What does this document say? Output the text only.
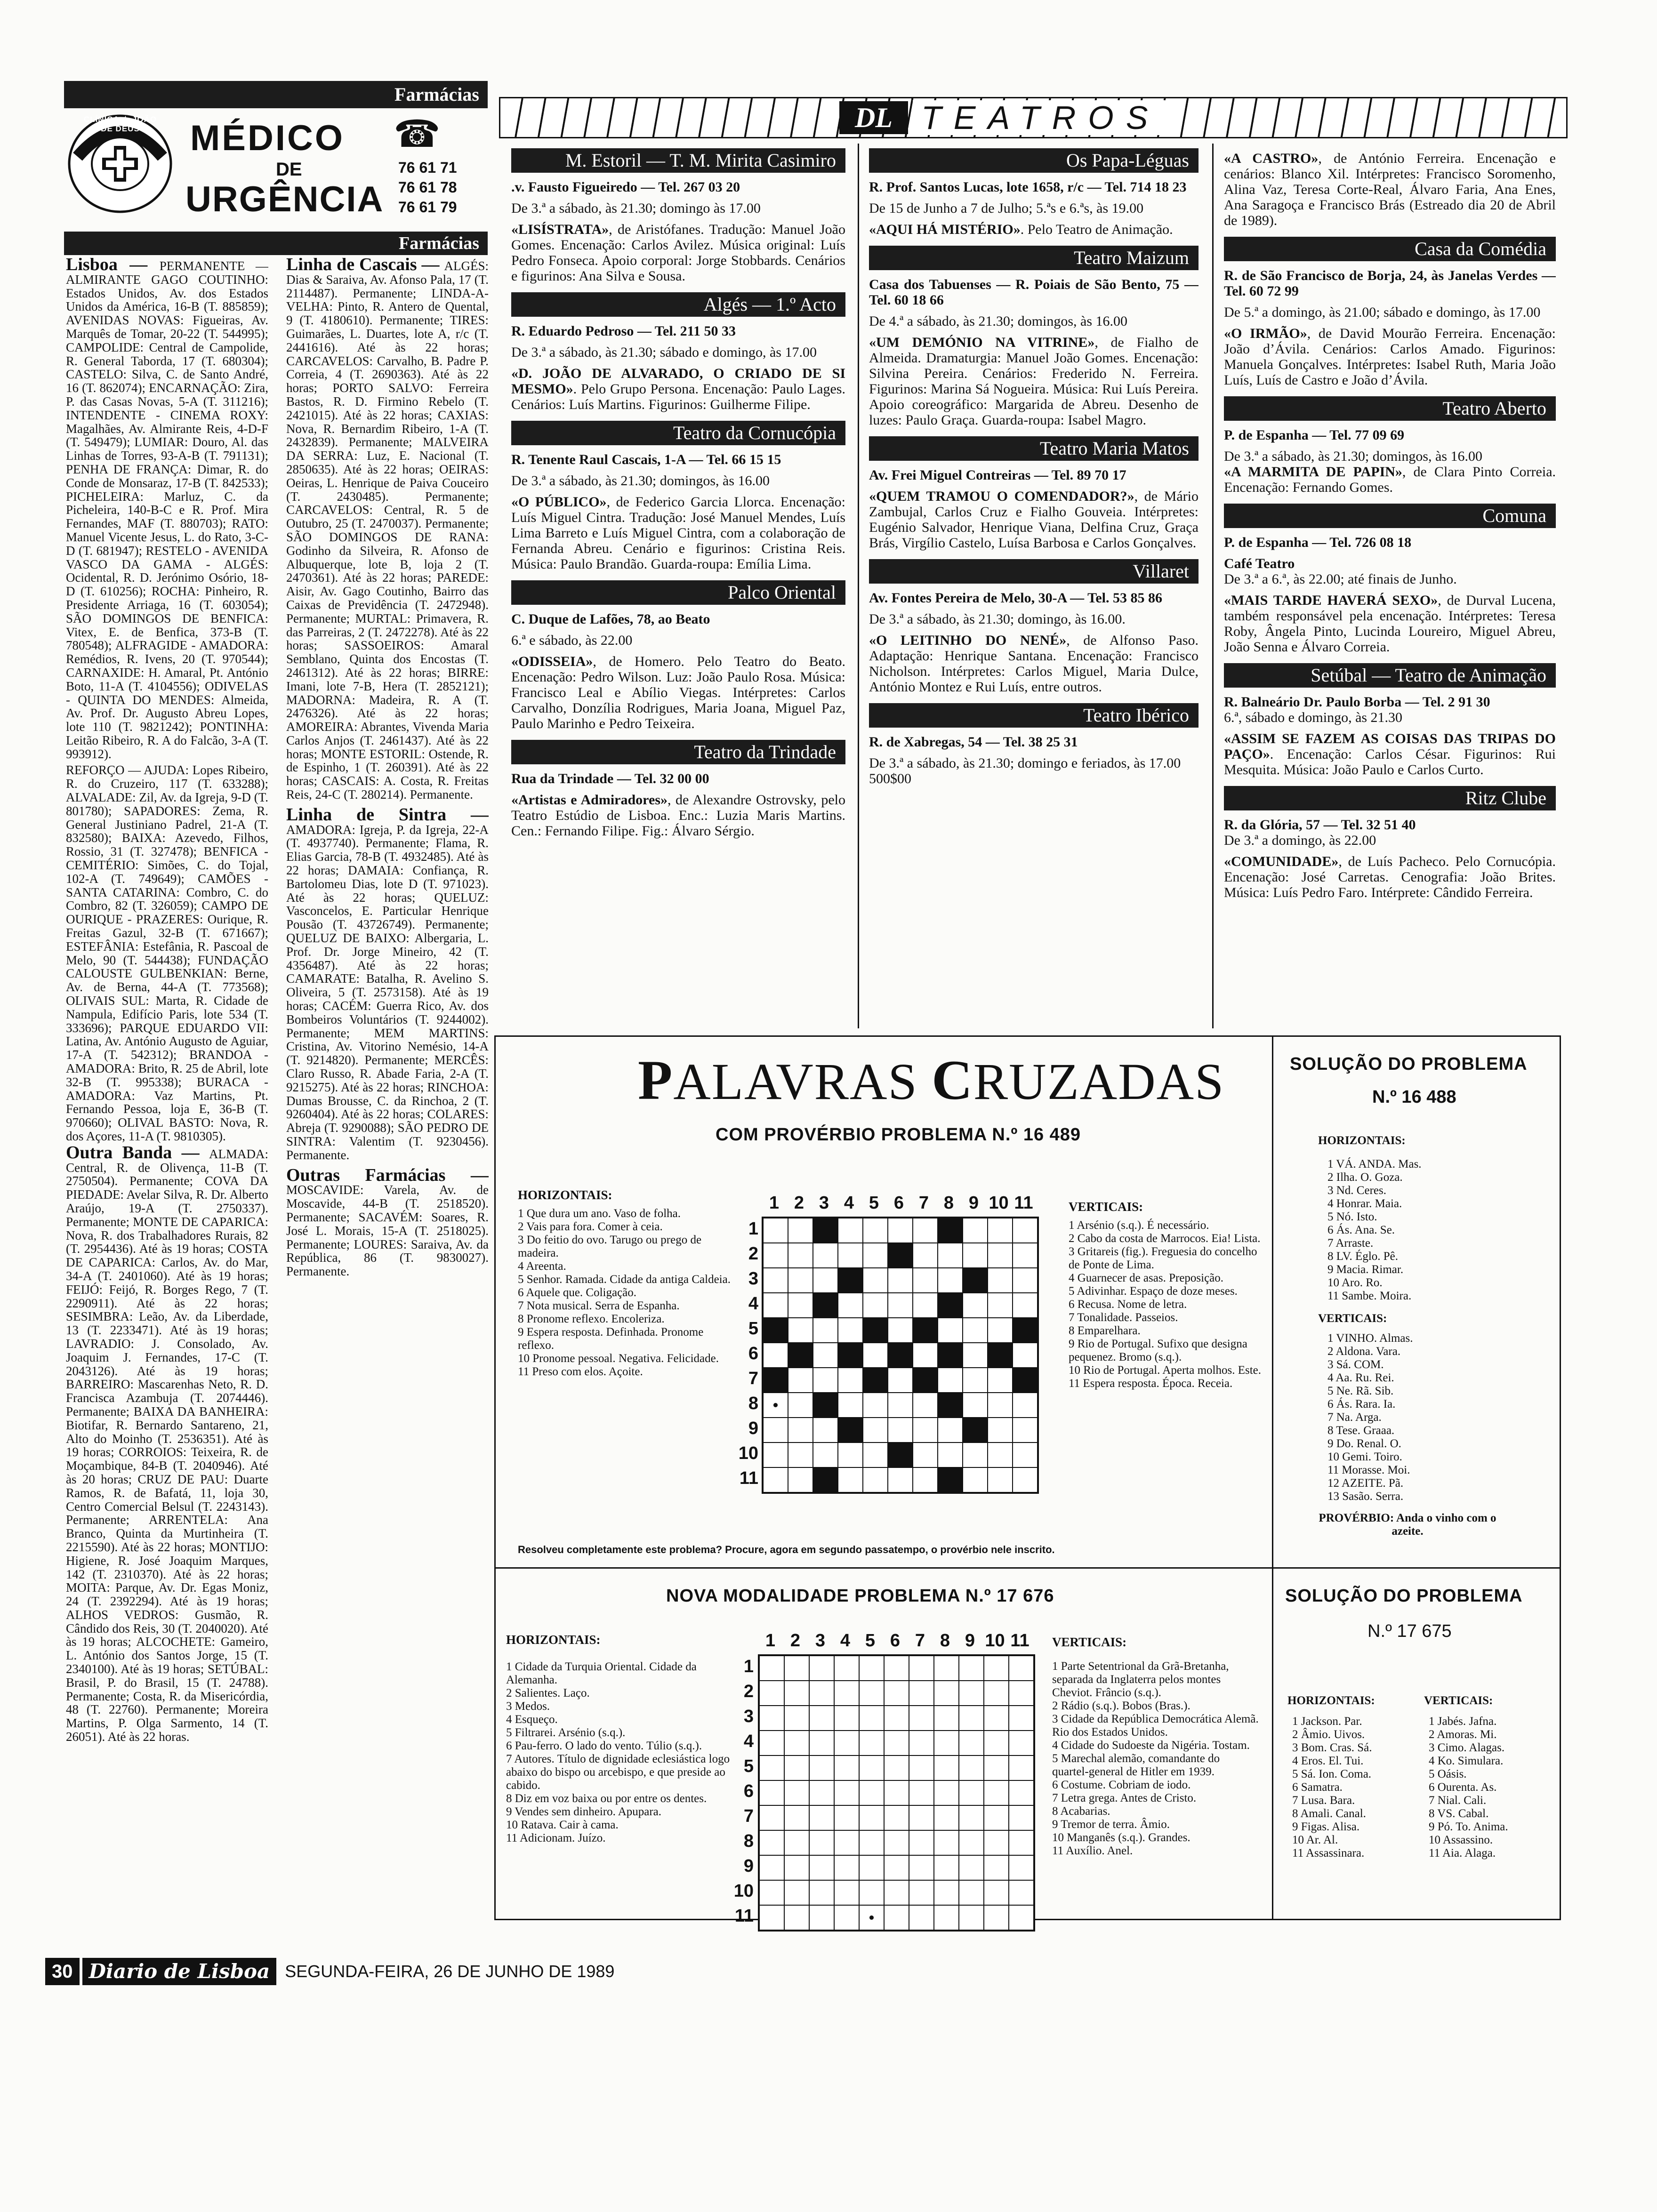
Farmácias
CLÍNICA ★ JOÃO DE DEUS	MÉDICO ☎
DE
URGÊNCIA
76 61 71
76 61 78
76 61 79
Farmácias

Lisboa — PERMANENTE — ALMIRANTE GAGO COUTINHO: Estados Unidos, Av. dos Estados Unidos da América, 16-B (T. 885859); AVENIDAS NOVAS: Figueiras, Av. Marquês de Tomar, 20-22 (T. 544995); CAMPOLIDE: Central de Campolide, R. General Taborda, 17 (T. 680304); CASTELO: Silva, C. de Santo André, 16 (T. 862074); ENCARNAÇÃO: Zira, P. das Casas Novas, 5-A (T. 311216); INTENDENTE - CINEMA ROXY: Magalhães, Av. Almirante Reis, 4-D-F (T. 549479); LUMIAR: Douro, Al. das Linhas de Torres, 93-A-B (T. 791131); PENHA DE FRANÇA: Dimar, R. do Conde de Monsaraz, 17-B (T. 842533); PICHELEIRA: Marluz, C. da Picheleira, 140-B-C e R. Prof. Mira Fernandes, MAF (T. 880703); RATO: Manuel Vicente Jesus, L. do Rato, 3-C-D (T. 681947); RESTELO - AVENIDA VASCO DA GAMA - ALGÉS: Ocidental, R. D. Jerónimo Osório, 18-D (T. 610256); ROCHA: Pinheiro, R. Presidente Arriaga, 16 (T. 603054); SÃO DOMINGOS DE BENFICA: Vitex, E. de Benfica, 373-B (T. 780548); ALFRAGIDE - AMADORA: Remédios, R. Ivens, 20 (T. 970544); CARNAXIDE: H. Amaral, Pt. António Boto, 11-A (T. 4104556); ODIVELAS - QUINTA DO MENDES: Almeida, Av. Prof. Dr. Augusto Abreu Lopes, lote 110 (T. 9821242); PONTINHA: Leitão Ribeiro, R. A do Falcão, 3-A (T. 993912).

REFORÇO — AJUDA: Lopes Ribeiro, R. do Cruzeiro, 117 (T. 633288); ALVALADE: Zil, Av. da Igreja, 9-D (T. 801780); SAPADORES: Zema, R. General Justiniano Padrel, 21-A (T. 832580); BAIXA: Azevedo, Filhos, Rossio, 31 (T. 327478); BENFICA - CEMITÉRIO: Simões, C. do Tojal, 102-A (T. 749649); CAMÕES - SANTA CATARINA: Combro, C. do Combro, 82 (T. 326059); CAMPO DE OURIQUE - PRAZERES: Ourique, R. Freitas Gazul, 32-B (T. 671667); ESTEFÂNIA: Estefânia, R. Pascoal de Melo, 90 (T. 544438); FUNDAÇÃO CALOUSTE GULBENKIAN: Berne, Av. de Berna, 44-A (T. 773568); OLIVAIS SUL: Marta, R. Cidade de Nampula, Edifício Paris, lote 534 (T. 333696); PARQUE EDUARDO VII: Latina, Av. António Augusto de Aguiar, 17-A (T. 542312); BRANDOA - AMADORA: Brito, R. 25 de Abril, lote 32-B (T. 995338); BURACA - AMADORA: Vaz Martins, Pt. Fernando Pessoa, loja E, 36-B (T. 970660); OLIVAL BASTO: Nova, R. dos Açores, 11-A (T. 9810305).

Outra Banda — ALMADA: Central, R. de Olivença, 11-B (T. 2750504). Permanente; COVA DA PIEDADE: Avelar Silva, R. Dr. Alberto Araújo, 19-A (T. 2750337). Permanente; MONTE DE CAPARICA: Nova, R. dos Trabalhadores Rurais, 82 (T. 2954436). Até às 19 horas; COSTA DE CAPARICA: Carlos, Av. do Mar, 34-A (T. 2401060). Até às 19 horas; FEIJÓ: Feijó, R. Borges Rego, 7 (T. 2290911). Até às 22 horas; SESIMBRA: Leão, Av. da Liberdade, 13 (T. 2233471). Até às 19 horas; LAVRADIO: J. Consolado, Av. Joaquim J. Fernandes, 17-C (T. 2043126). Até às 19 horas; BARREIRO: Mascarenhas Neto, R. D. Francisca Azambuja (T. 2074446). Permanente; BAIXA DA BANHEIRA: Biotifar, R. Bernardo Santareno, 21, Alto do Moinho (T. 2536351). Até às 19 horas; CORROIOS: Teixeira, R. de Moçambique, 84-B (T. 2040946). Até às 20 horas; CRUZ DE PAU: Duarte Ramos, R. de Bafatá, 11, loja 30, Centro Comercial Belsul (T. 2243143). Permanente; ARRENTELA: Ana Branco, Quinta da Murtinheira (T. 2215590). Até às 22 horas; MONTIJO: Higiene, R. José Joaquim Marques, 142 (T. 2310370). Até às 22 horas; MOITA: Parque, Av. Dr. Egas Moniz, 24 (T. 2392294). Até às 19 horas; ALHOS VEDROS: Gusmão, R. Cândido dos Reis, 30 (T. 2040020). Até às 19 horas; ALCOCHETE: Gameiro, L. António dos Santos Jorge, 15 (T. 2340100). Até às 19 horas; SETÚBAL: Brasil, P. do Brasil, 15 (T. 24788). Permanente; Costa, R. da Misericórdia, 48 (T. 22760). Permanente; Moreira Martins, P. Olga Sarmento, 14 (T. 26051). Até às 22 horas.

Linha de Cascais — ALGÉS: Dias & Saraiva, Av. Afonso Pala, 17 (T. 2114487). Permanente; LINDA-A-VELHA: Pinto, R. Antero de Quental, 9 (T. 4180610). Permanente; TIRES: Guimarães, L. Duartes, lote A, r/c (T. 2441616). Até às 22 horas; CARCAVELOS: Carvalho, B. Padre P. Correia, 4 (T. 2690363). Até às 22 horas; PORTO SALVO: Ferreira Bastos, R. D. Firmino Rebelo (T. 2421015). Até às 22 horas; CAXIAS: Nova, R. Bernardim Ribeiro, 1-A (T. 2432839). Permanente; MALVEIRA DA SERRA: Luz, E. Nacional (T. 2850635). Até às 22 horas; OEIRAS: Oeiras, L. Henrique de Paiva Couceiro (T. 2430485). Permanente; CARCAVELOS: Central, R. 5 de Outubro, 25 (T. 2470037). Permanente; SÃO DOMINGOS DE RANA: Godinho da Silveira, R. Afonso de Albuquerque, lote B, loja 2 (T. 2470361). Até às 22 horas; PAREDE: Aisir, Av. Gago Coutinho, Bairro das Caixas de Previdência (T. 2472948). Permanente; MURTAL: Primavera, R. das Parreiras, 2 (T. 2472278). Até às 22 horas; SASSOEIROS: Amaral Semblano, Quinta dos Encostas (T. 2461312). Até às 22 horas; BIRRE: Imani, lote 7-B, Hera (T. 2852121); MADORNA: Madeira, R. A (T. 2476326). Até às 22 horas; AMOREIRA: Abrantes, Vivenda Maria Carlos Anjos (T. 2461437). Até às 22 horas; MONTE ESTORIL: Ostende, R. de Espinho, 1 (T. 260391). Até às 22 horas; CASCAIS: A. Costa, R. Freitas Reis, 24-C (T. 280214). Permanente.

Linha de Sintra — AMADORA: Igreja, P. da Igreja, 22-A (T. 4937740). Permanente; Flama, R. Elias Garcia, 78-B (T. 4932485). Até às 22 horas; DAMAIA: Confiança, R. Bartolomeu Dias, lote D (T. 971023). Até às 22 horas; QUELUZ: Vasconcelos, E. Particular Henrique Pousão (T. 43726749). Permanente; QUELUZ DE BAIXO: Albergaria, L. Prof. Dr. Jorge Mineiro, 42 (T. 4356487). Até às 22 horas; CAMARATE: Batalha, R. Avelino S. Oliveira, 5 (T. 2573158). Até às 19 horas; CACÉM: Guerra Rico, Av. dos Bombeiros Voluntários (T. 9244002). Permanente; MEM MARTINS: Cristina, Av. Vitorino Nemésio, 14-A (T. 9214820). Permanente; MERCÊS: Claro Russo, R. Abade Faria, 2-A (T. 9215275). Até às 22 horas; RINCHOA: Dumas Brousse, C. da Rinchoa, 2 (T. 9260404). Até às 22 horas; COLARES: Abreja (T. 9290088); SÃO PEDRO DE SINTRA: Valentim (T. 9230456). Permanente.

Outras Farmácias — MOSCAVIDE: Varela, Av. de Moscavide, 44-B (T. 2518520). Permanente; SACAVÉM: Soares, R. José L. Morais, 15-A (T. 2518025). Permanente; LOURES: Saraiva, Av. da República, 86 (T. 9830027). Permanente.

DL TEATROS
M. Estoril — T. M. Mirita Casimiro

.v. Fausto Figueiredo — Tel. 267 03 20

De 3.ª a sábado, às 21.30; domingo às 17.00

«LISÍSTRATA», de Aristófanes. Tradução: Manuel João Gomes. Encenação: Carlos Avilez. Música original: Luís Pedro Fonseca. Apoio corporal: Jorge Stobbards. Cenários e figurinos: Ana Silva e Sousa.

Algés — 1.º Acto

R. Eduardo Pedroso — Tel. 211 50 33

De 3.ª a sábado, às 21.30; sábado e domingo, às 17.00

«D. JOÃO DE ALVARADO, O CRIADO DE SI MESMO». Pelo Grupo Persona. Encenação: Paulo Lages. Cenários: Luís Martins. Figurinos: Guilherme Filipe.

Teatro da Cornucópia

R. Tenente Raul Cascais, 1-A — Tel. 66 15 15

De 3.ª a sábado, às 21.30; domingos, às 16.00

«O PÚBLICO», de Federico Garcia Llorca. Encenação: Luís Miguel Cintra. Tradução: José Manuel Mendes, Luís Lima Barreto e Luís Miguel Cintra, com a colaboração de Fernanda Abreu. Cenário e figurinos: Cristina Reis. Música: Paulo Brandão. Guarda-roupa: Emília Lima.

Palco Oriental

C. Duque de Lafões, 78, ao Beato

6.ª e sábado, às 22.00

«ODISSEIA», de Homero. Pelo Teatro do Beato. Encenação: Pedro Wilson. Luz: João Paulo Rosa. Música: Francisco Leal e Abílio Viegas. Intérpretes: Carlos Carvalho, Donzília Rodrigues, Maria Joana, Miguel Paz, Paulo Marinho e Pedro Teixeira.

Teatro da Trindade

Rua da Trindade — Tel. 32 00 00

«Artistas e Admiradores», de Alexandre Ostrovsky, pelo Teatro Estúdio de Lisboa. Enc.: Luzia Maris Martins. Cen.: Fernando Filipe. Fig.: Álvaro Sérgio.

Os Papa-Léguas

R. Prof. Santos Lucas, lote 1658, r/c — Tel. 714 18 23

De 15 de Junho a 7 de Julho; 5.ªs e 6.ªs, às 19.00

«AQUI HÁ MISTÉRIO». Pelo Teatro de Animação.

Teatro Maizum

Casa dos Tabuenses — R. Poiais de São Bento, 75 — Tel. 60 18 66

De 4.ª a sábado, às 21.30; domingos, às 16.00

«UM DEMÓNIO NA VITRINE», de Fialho de Almeida. Dramaturgia: Manuel João Gomes. Encenação: Silvina Pereira. Cenários: Frederido N. Ferreira. Figurinos: Marina Sá Nogueira. Música: Rui Luís Pereira. Apoio coreográfico: Margarida de Abreu. Desenho de luzes: Paulo Graça. Guarda-roupa: Isabel Magro.

Teatro Maria Matos

Av. Frei Miguel Contreiras — Tel. 89 70 17

«QUEM TRAMOU O COMENDADOR?», de Mário Zambujal, Carlos Cruz e Fialho Gouveia. Intérpretes: Eugénio Salvador, Henrique Viana, Delfina Cruz, Graça Brás, Virgílio Castelo, Luísa Barbosa e Carlos Gonçalves.

Villaret

Av. Fontes Pereira de Melo, 30-A — Tel. 53 85 86

De 3.ª a sábado, às 21.30; domingo, às 16.00.

«O LEITINHO DO NENÉ», de Alfonso Paso. Adaptação: Henrique Santana. Encenação: Francisco Nicholson. Intérpretes: Carlos Miguel, Maria Dulce, António Montez e Rui Luís, entre outros.

Teatro Ibérico

R. de Xabregas, 54 — Tel. 38 25 31

De 3.ª a sábado, às 21.30; domingo e feriados, às 17.00

500$00

«A CASTRO», de António Ferreira. Encenação e cenários: Blanco Xil. Intérpretes: Francisco Soromenho, Alina Vaz, Teresa Corte-Real, Álvaro Faria, Ana Enes, Ana Saragoça e Francisco Brás (Estreado dia 20 de Abril de 1989).

Casa da Comédia

R. de São Francisco de Borja, 24, às Janelas Verdes — Tel. 60 72 99

De 5.ª a domingo, às 21.00; sábado e domingo, às 17.00

«O IRMÃO», de David Mourão Ferreira. Encenação: João d’Ávila. Cenários: Carlos Amado. Figurinos: Manuela Gonçalves. Intérpretes: Isabel Ruth, Maria João Luís, Luís de Castro e João d’Ávila.

Teatro Aberto

P. de Espanha — Tel. 77 09 69

De 3.ª a sábado, às 21.30; domingos, às 16.00

«A MARMITA DE PAPIN», de Clara Pinto Correia. Encenação: Fernando Gomes.

Comuna

P. de Espanha — Tel. 726 08 18

Café Teatro

De 3.ª a 6.ª, às 22.00; até finais de Junho.

«MAIS TARDE HAVERÁ SEXO», de Durval Lucena, também responsável pela encenação. Intérpretes: Teresa Roby, Ângela Pinto, Lucinda Loureiro, Miguel Abreu, João Senna e Álvaro Correia.

Setúbal — Teatro de Animação

R. Balneário Dr. Paulo Borba — Tel. 2 91 30

6.ª, sábado e domingo, às 21.30

«ASSIM SE FAZEM AS COISAS DAS TRIPAS DO PAÇO». Encenação: Carlos César. Figurinos: Rui Mesquita. Música: João Paulo e Carlos Curto.

Ritz Clube

R. da Glória, 57 — Tel. 32 51 40

De 3.ª a domingo, às 22.00

«COMUNIDADE», de Luís Pacheco. Pelo Cornucópia. Encenação: José Carretas. Cenografia: João Brites. Música: Luís Pedro Faro. Intérprete: Cândido Ferreira.

PALAVRAS CRUZADAS
COM PROVÉRBIO PROBLEMA N.º 16 489
HORIZONTAIS:
1 Que dura um ano. Vaso de folha.
2 Vais para fora. Comer à ceia.
3 Do feitio do ovo. Tarugo ou prego de madeira.
4 Areenta.
5 Senhor. Ramada. Cidade da antiga Caldeia.
6 Aquele que. Coligação.
7 Nota musical. Serra de Espanha.
8 Pronome reflexo. Encoleriza.
9 Espera resposta. Definhada. Pronome reflexo.
10 Pronome pessoal. Negativa. Felicidade.
11 Preso com elos. Açoite.
1 2 3 4 5 6 7 8 9 10 11
1
2
3
4
5
6
7
8
9
10
11
VERTICAIS:
1 Arsénio (s.q.). É necessário.
2 Cabo da costa de Marrocos. Eia! Lista.
3 Gritareis (fig.). Freguesia do concelho de Ponte de Lima.
4 Guarnecer de asas. Preposição.
5 Adivinhar. Espaço de doze meses.
6 Recusa. Nome de letra.
7 Tonalidade. Passeios.
8 Emparelhara.
9 Rio de Portugal. Sufixo que designa pequenez. Bromo (s.q.).
10 Rio de Portugal. Aperta molhos. Este.
11 Espera resposta. Época. Receia.
Resolveu completamente este problema? Procure, agora em segundo passatempo, o provérbio nele inscrito.
SOLUÇÃO DO PROBLEMA
N.º 16 488
HORIZONTAIS:
1 VÁ. ANDA. Mas.
2 Ilha. O. Goza.
3 Nd. Ceres.
4 Honrar. Maia.
5 Nó. Isto.
6 Ás. Ana. Se.
7 Arraste.
8 LV. Églo. Pê.
9 Macia. Rimar.
10 Aro. Ro.
11 Sambe. Moira.
VERTICAIS:
1 VINHO. Almas.
2 Aldona. Vara.
3 Sá. COM.
4 Aa. Ru. Rei.
5 Ne. Rã. Sib.
6 Ás. Rara. Ia.
7 Na. Arga.
8 Tese. Graaa.
9 Do. Renal. O.
10 Gemi. Toiro.
11 Morasse. Moi.
12 AZEITE. Pã.
13 Sasão. Serra.
PROVÉRBIO: Anda o vinho com o azeite.
NOVA MODALIDADE PROBLEMA N.º 17 676
HORIZONTAIS:
1 Cidade da Turquia Oriental. Cidade da Alemanha.
2 Salientes. Laço.
3 Medos.
4 Esqueço.
5 Filtrarei. Arsénio (s.q.).
6 Pau-ferro. O lado do vento. Túlio (s.q.).
7 Autores. Título de dignidade eclesiástica logo abaixo do bispo ou arcebispo, e que preside ao cabido.
8 Diz em voz baixa ou por entre os dentes.
9 Vendes sem dinheiro. Apupara.
10 Ratava. Cair à cama.
11 Adicionam. Juízo.
1 2 3 4 5 6 7 8 9 10 11
1
2
3
4
5
6
7
8
9
10
11
VERTICAIS:
1 Parte Setentrional da Grã-Bretanha, separada da Inglaterra pelos montes Cheviot. Frâncio (s.q.).
2 Rádio (s.q.). Bobos (Bras.).
3 Cidade da República Democrática Alemã. Rio dos Estados Unidos.
4 Cidade do Sudoeste da Nigéria. Tostam.
5 Marechal alemão, comandante do quartel-general de Hitler em 1939.
6 Costume. Cobriam de iodo.
7 Letra grega. Antes de Cristo.
8 Acabarias.
9 Tremor de terra. Âmio.
10 Manganês (s.q.). Grandes.
11 Auxílio. Anel.
SOLUÇÃO DO PROBLEMA
N.º 17 675
HORIZONTAIS:
1 Jackson. Par.
2 Âmio. Uivos.
3 Bom. Cras. Sá.
4 Eros. El. Tui.
5 Sá. Ion. Coma.
6 Samatra.
7 Lusa. Bara.
8 Amali. Canal.
9 Figas. Alisa.
10 Ar. Al.
11 Assassinara.
VERTICAIS:
1 Jabés. Jafna.
2 Amoras. Mi.
3 Cimo. Alagas.
4 Ko. Simulara.
5 Oásis.
6 Ourenta. As.
7 Nial. Cali.
8 VS. Cabal.
9 Pó. To. Anima.
10 Assassino.
11 Aia. Alaga.
30 Diario de Lisboa SEGUNDA-FEIRA, 26 DE JUNHO DE 1989
